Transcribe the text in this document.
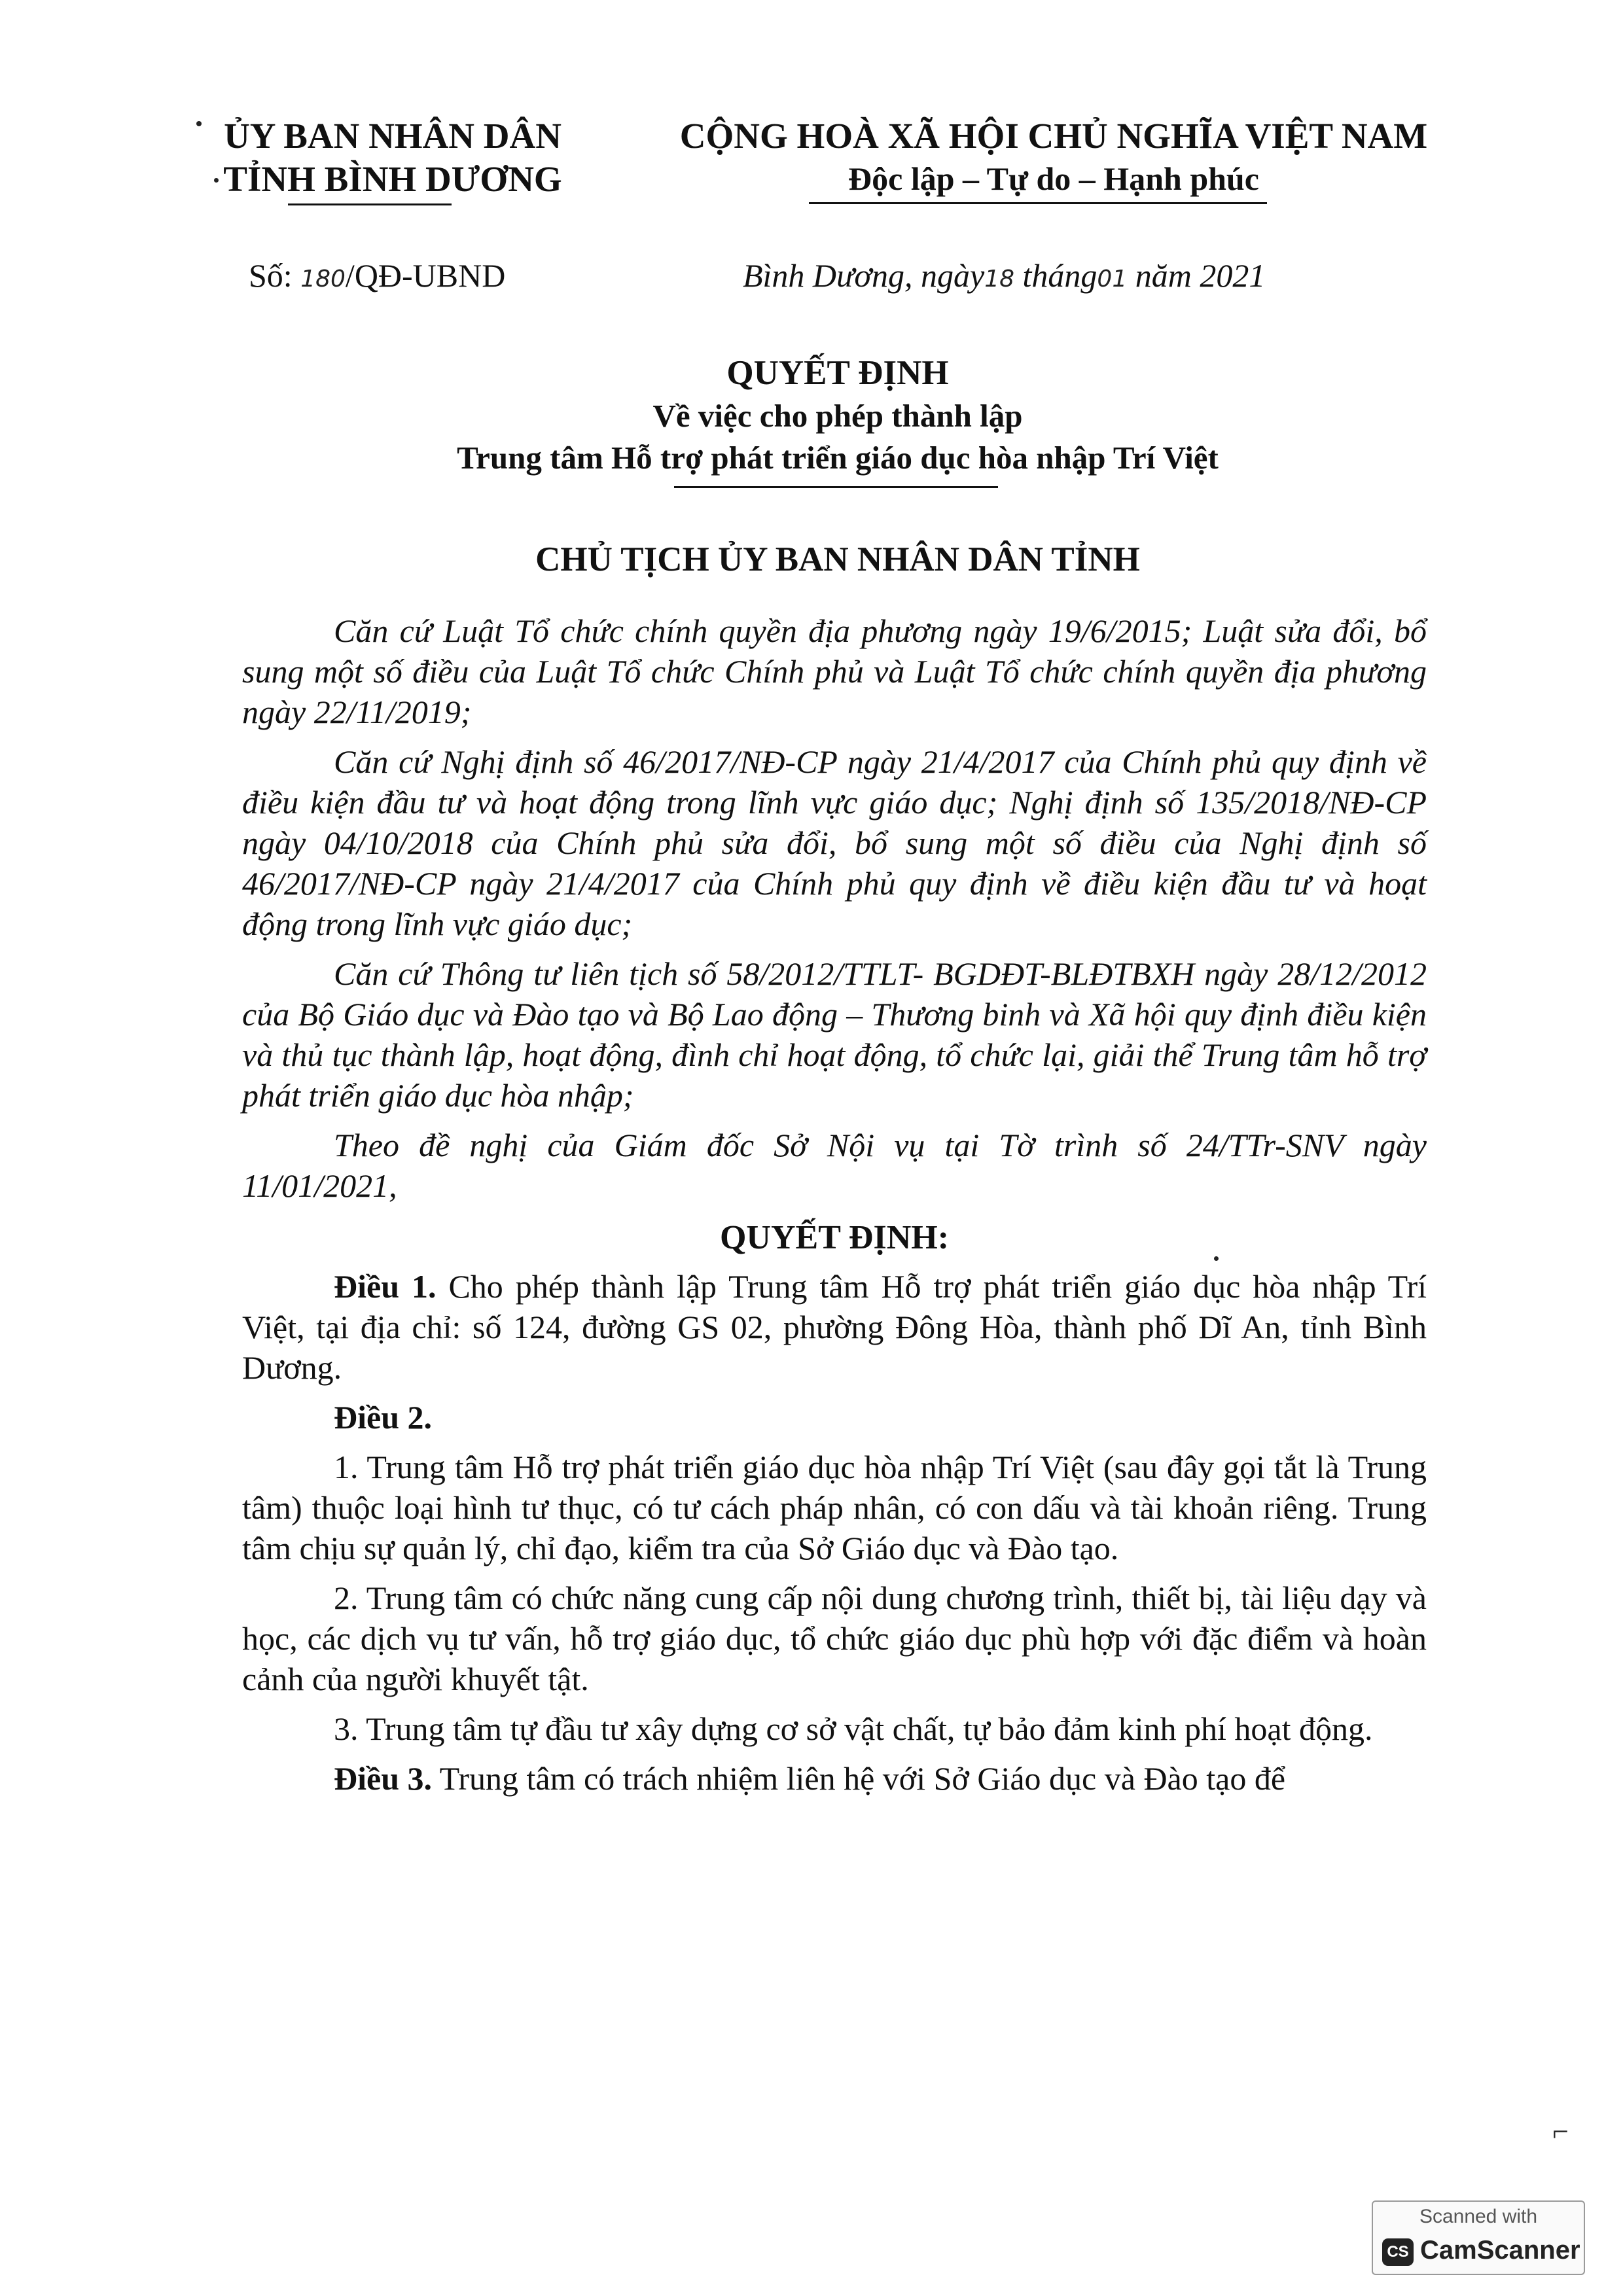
ỦY BAN NHÂN DÂN
TỈNH BÌNH DƯƠNG
CỘNG HOÀ XÃ HỘI CHỦ NGHĨA VIỆT NAM
Độc lập – Tự do – Hạnh phúc
Số: 180/QĐ-UBND	Bình Dương, ngày18 tháng01 năm 2021
QUYẾT ĐỊNH
Về việc cho phép thành lập
Trung tâm Hỗ trợ phát triển giáo dục hòa nhập Trí Việt
CHỦ TỊCH ỦY BAN NHÂN DÂN TỈNH

Căn cứ Luật Tổ chức chính quyền địa phương ngày 19/6/2015; Luật sửa đổi, bổ sung một số điều của Luật Tổ chức Chính phủ và Luật Tổ chức chính quyền địa phương ngày 22/11/2019;

Căn cứ Nghị định số 46/2017/NĐ-CP ngày 21/4/2017 của Chính phủ quy định về điều kiện đầu tư và hoạt động trong lĩnh vực giáo dục; Nghị định số 135/2018/NĐ-CP ngày 04/10/2018 của Chính phủ sửa đổi, bổ sung một số điều của Nghị định số 46/2017/NĐ-CP ngày 21/4/2017 của Chính phủ quy định về điều kiện đầu tư và hoạt động trong lĩnh vực giáo dục;

Căn cứ Thông tư liên tịch số 58/2012/TTLT- BGDĐT-BLĐTBXH ngày 28/12/2012 của Bộ Giáo dục và Đào tạo và Bộ Lao động – Thương binh và Xã hội quy định điều kiện và thủ tục thành lập, hoạt động, đình chỉ hoạt động, tổ chức lại, giải thể Trung tâm hỗ trợ phát triển giáo dục hòa nhập;

Theo đề nghị của Giám đốc Sở Nội vụ tại Tờ trình số 24/TTr-SNV ngày 11/01/2021,

QUYẾT ĐỊNH:

Điều 1. Cho phép thành lập Trung tâm Hỗ trợ phát triển giáo dục hòa nhập Trí Việt, tại địa chỉ: số 124, đường GS 02, phường Đông Hòa, thành phố Dĩ An, tỉnh Bình Dương.

Điều 2.

1. Trung tâm Hỗ trợ phát triển giáo dục hòa nhập Trí Việt (sau đây gọi tắt là Trung tâm) thuộc loại hình tư thục, có tư cách pháp nhân, có con dấu và tài khoản riêng. Trung tâm chịu sự quản lý, chỉ đạo, kiểm tra của Sở Giáo dục và Đào tạo.

2. Trung tâm có chức năng cung cấp nội dung chương trình, thiết bị, tài liệu dạy và học, các dịch vụ tư vấn, hỗ trợ giáo dục, tổ chức giáo dục phù hợp với đặc điểm và hoàn cảnh của người khuyết tật.

3. Trung tâm tự đầu tư xây dựng cơ sở vật chất, tự bảo đảm kinh phí hoạt động.

Điều 3. Trung tâm có trách nhiệm liên hệ với Sở Giáo dục và Đào tạo để

⌐
Scanned with
CS CamScanner
